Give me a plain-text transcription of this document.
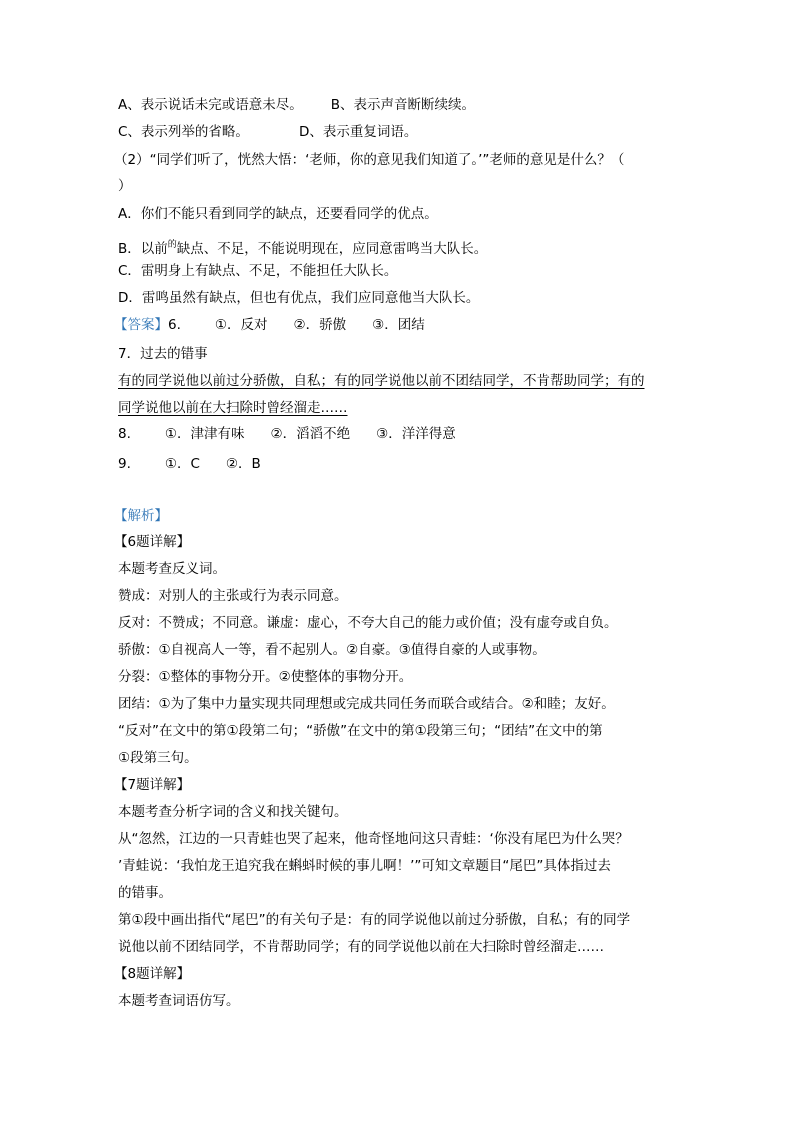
A、表示说话未完或语意未尽。 B、表示声音断断续续。
C、表示列举的省略。	D、表示重复词语。
（2）“同学们听了，恍然大悟：‘老师，你的意见我们知道了。’”老师的意见是什么？（
）
A．你们不能只看到同学的缺点，还要看同学的优点。
B．以前$^的$缺点、不足，不能说明现在，应同意雷鸣当大队长。
C．雷明身上有缺点、不足，不能担任大队长。
D．雷鸣虽然有缺点，但也有优点，我们应同意他当大队长。
【答案】6.	①．反对 ②．骄傲 ③．团结
7．过去的错事
有的同学说他以前过分骄傲，自私；有的同学说他以前不团结同学，不肯帮助同学；有的
同学说他以前在大扫除时曾经溜走……
8.	①．津津有味 ②．滔滔不绝 ③．洋洋得意
9.	①．C ②．B
【解析】
【6题详解】
本题考查反义词。
赞成：对别人的主张或行为表示同意。
反对：不赞成；不同意。谦虚：虚心，不夸大自己的能力或价值；没有虚夸或自负。
骄傲：①自视高人一等，看不起别人。②自豪。③值得自豪的人或事物。
分裂：①整体的事物分开。②使整体的事物分开。
团结：①为了集中力量实现共同理想或完成共同任务而联合或结合。②和睦；友好。
“反对”在文中的第①段第二句；“骄傲”在文中的第①段第三句；“团结”在文中的第
①段第三句。
【7题详解】
本题考查分析字词的含义和找关键句。
从“忽然，江边的一只青蛙也哭了起来，他奇怪地问这只青蛙：‘你没有尾巴为什么哭？
’青蛙说：‘我怕龙王追究我在蝌蚪时候的事儿啊！’”可知文章题目“尾巴”具体指过去
的错事。
第①段中画出指代“尾巴”的有关句子是：有的同学说他以前过分骄傲，自私；有的同学
说他以前不团结同学，不肯帮助同学；有的同学说他以前在大扫除时曾经溜走……
【8题详解】
本题考查词语仿写。
